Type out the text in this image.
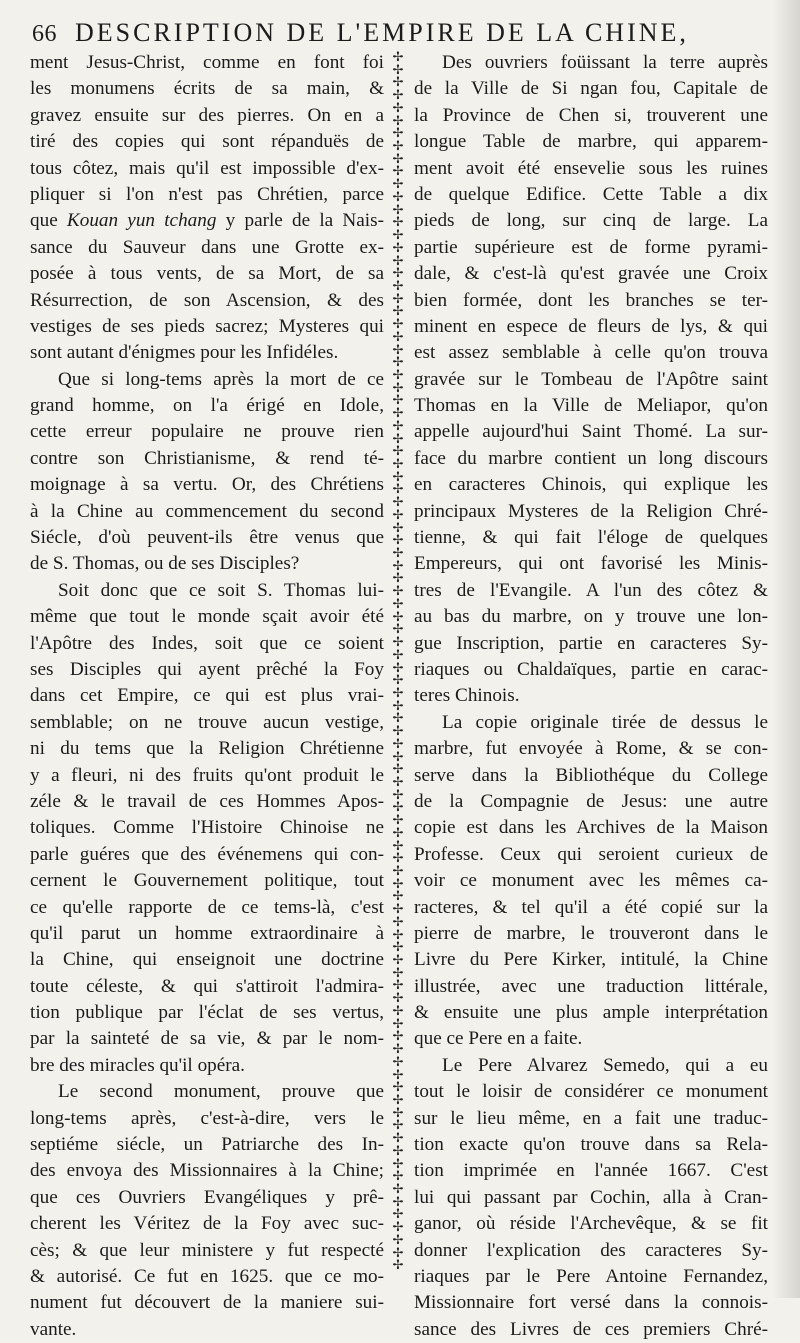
66 DESCRIPTION DE L'EMPIRE DE LA CHINE,
ment Jesus-Christ, comme en font foi
les monumens écrits de sa main, &
gravez ensuite sur des pierres. On en a
tiré des copies qui sont répanduës de
tous côtez, mais qu'il est impossible d'ex-
pliquer si l'on n'est pas Chrétien, parce
que Kouan yun tchang y parle de la Nais-
sance du Sauveur dans une Grotte ex-
posée à tous vents, de sa Mort, de sa
Résurrection, de son Ascension, & des
vestiges de ses pieds sacrez; Mysteres qui
sont autant d'énigmes pour les Infidéles.
Que si long-tems après la mort de ce
grand homme, on l'a érigé en Idole,
cette erreur populaire ne prouve rien
contre son Christianisme, & rend té-
moignage à sa vertu. Or, des Chrétiens
à la Chine au commencement du second
Siécle, d'où peuvent-ils être venus que
de S. Thomas, ou de ses Disciples?
Soit donc que ce soit S. Thomas lui-
même que tout le monde sçait avoir été
l'Apôtre des Indes, soit que ce soient
ses Disciples qui ayent prêché la Foy
dans cet Empire, ce qui est plus vrai-
semblable; on ne trouve aucun vestige,
ni du tems que la Religion Chrétienne
y a fleuri, ni des fruits qu'ont produit le
zéle & le travail de ces Hommes Apos-
toliques. Comme l'Histoire Chinoise ne
parle guéres que des événemens qui con-
cernent le Gouvernement politique, tout
ce qu'elle rapporte de ce tems-là, c'est
qu'il parut un homme extraordinaire à
la Chine, qui enseignoit une doctrine
toute céleste, & qui s'attiroit l'admira-
tion publique par l'éclat de ses vertus,
par la sainteté de sa vie, & par le nom-
bre des miracles qu'il opéra.
Le second monument, prouve que
long-tems après, c'est-à-dire, vers le
septiéme siécle, un Patriarche des In-
des envoya des Missionnaires à la Chine;
que ces Ouvriers Evangéliques y prê-
cherent les Véritez de la Foy avec suc-
cès; & que leur ministere y fut respecté
& autorisé. Ce fut en 1625. que ce mo-
nument fut découvert de la maniere sui-
vante.
✢
✢
✢
✢
✢
✢
✢
✢
✢
✢
✢
✢
✢
✢
✢
✢
✢
✢
✢
✢
✢
✢
✢
✢
✢
✢
✢
✢
✢
✢
✢
✢
✢
✢
✢
✢
✢
✢
✢
✢
✢
✢
✢
✢
✢
✢
✢
✢
✢
✢
✢
✢
✢
✢
✢
✢
✢
✢
✢
✢
✢
✢
✢
✢
✢
✢
✢
✢
✢
✢
✢
✢
✢
✢
✢
✢
✢
✢
✢
✢
✢
✢
✢
✢
✢
✢
✢
✢
✢
✢
✢
✢
✢
✢
✢
✢
Des ouvriers foüissant la terre auprès
de la Ville de Si ngan fou, Capitale de
la Province de Chen si, trouverent une
longue Table de marbre, qui apparem-
ment avoit été ensevelie sous les ruines
de quelque Edifice. Cette Table a dix
pieds de long, sur cinq de large. La
partie supérieure est de forme pyrami-
dale, & c'est-là qu'est gravée une Croix
bien formée, dont les branches se ter-
minent en espece de fleurs de lys, & qui
est assez semblable à celle qu'on trouva
gravée sur le Tombeau de l'Apôtre saint
Thomas en la Ville de Meliapor, qu'on
appelle aujourd'hui Saint Thomé. La sur-
face du marbre contient un long discours
en caracteres Chinois, qui explique les
principaux Mysteres de la Religion Chré-
tienne, & qui fait l'éloge de quelques
Empereurs, qui ont favorisé les Minis-
tres de l'Evangile. A l'un des côtez &
au bas du marbre, on y trouve une lon-
gue Inscription, partie en caracteres Sy-
riaques ou Chaldaïques, partie en carac-
teres Chinois.
La copie originale tirée de dessus le
marbre, fut envoyée à Rome, & se con-
serve dans la Bibliothéque du College
de la Compagnie de Jesus: une autre
copie est dans les Archives de la Maison
Professe. Ceux qui seroient curieux de
voir ce monument avec les mêmes ca-
racteres, & tel qu'il a été copié sur la
pierre de marbre, le trouveront dans le
Livre du Pere Kirker, intitulé, la Chine
illustrée, avec une traduction littérale,
& ensuite une plus ample interprétation
que ce Pere en a faite.
Le Pere Alvarez Semedo, qui a eu
tout le loisir de considérer ce monument
sur le lieu même, en a fait une traduc-
tion exacte qu'on trouve dans sa Rela-
tion imprimée en l'année 1667. C'est
lui qui passant par Cochin, alla à Cran-
ganor, où réside l'Archevêque, & se fit
donner l'explication des caracteres Sy-
riaques par le Pere Antoine Fernandez,
Missionnaire fort versé dans la connois-
sance des Livres de ces premiers Chré-
